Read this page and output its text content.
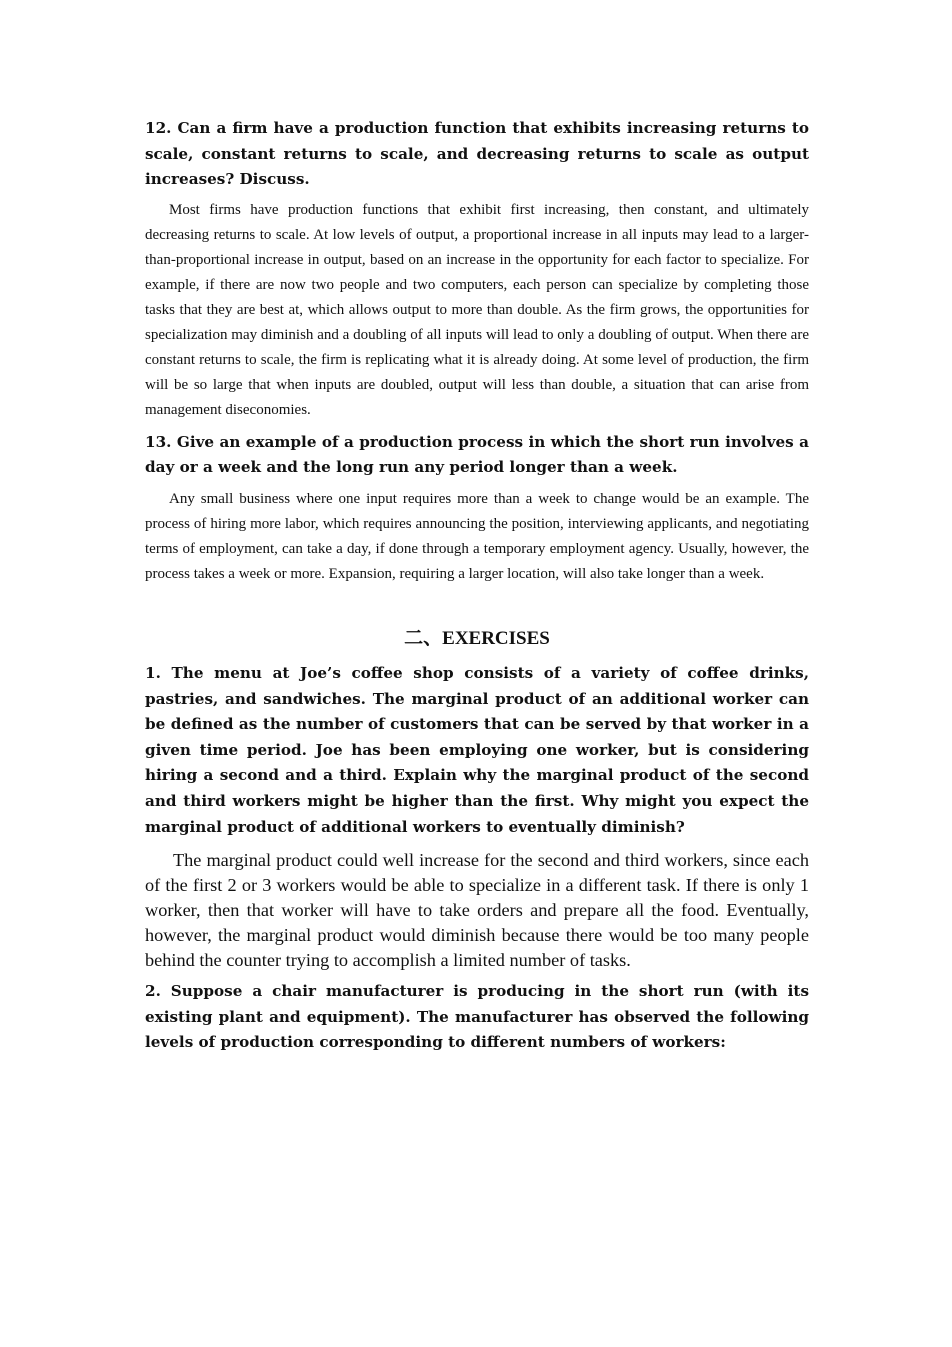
12. Can a firm have a production function that exhibits increasing returns to scale, constant returns to scale, and decreasing returns to scale as output increases? Discuss.

Most firms have production functions that exhibit first increasing, then constant, and ultimately decreasing returns to scale. At low levels of output, a proportional increase in all inputs may lead to a larger-than-proportional increase in output, based on an increase in the opportunity for each factor to specialize. For example, if there are now two people and two computers, each person can specialize by completing those tasks that they are best at, which allows output to more than double. As the firm grows, the opportunities for specialization may diminish and a doubling of all inputs will lead to only a doubling of output. When there are constant returns to scale, the firm is replicating what it is already doing. At some level of production, the firm will be so large that when inputs are doubled, output will less than double, a situation that can arise from management diseconomies.

13. Give an example of a production process in which the short run involves a day or a week and the long run any period longer than a week.

Any small business where one input requires more than a week to change would be an example. The process of hiring more labor, which requires announcing the position, interviewing applicants, and negotiating terms of employment, can take a day, if done through a temporary employment agency. Usually, however, the process takes a week or more. Expansion, requiring a larger location, will also take longer than a week.

二、EXERCISES

1. The menu at Joe’s coffee shop consists of a variety of coffee drinks, pastries, and sandwiches. The marginal product of an additional worker can be defined as the number of customers that can be served by that worker in a given time period. Joe has been employing one worker, but is considering hiring a second and a third. Explain why the marginal product of the second and third workers might be higher than the first. Why might you expect the marginal product of additional workers to eventually diminish?

The marginal product could well increase for the second and third workers, since each of the first 2 or 3 workers would be able to specialize in a different task. If there is only 1 worker, then that worker will have to take orders and prepare all the food. Eventually, however, the marginal product would diminish because there would be too many people behind the counter trying to accomplish a limited number of tasks.

2. Suppose a chair manufacturer is producing in the short run (with its existing plant and equipment). The manufacturer has observed the following levels of production corresponding to different numbers of workers:
